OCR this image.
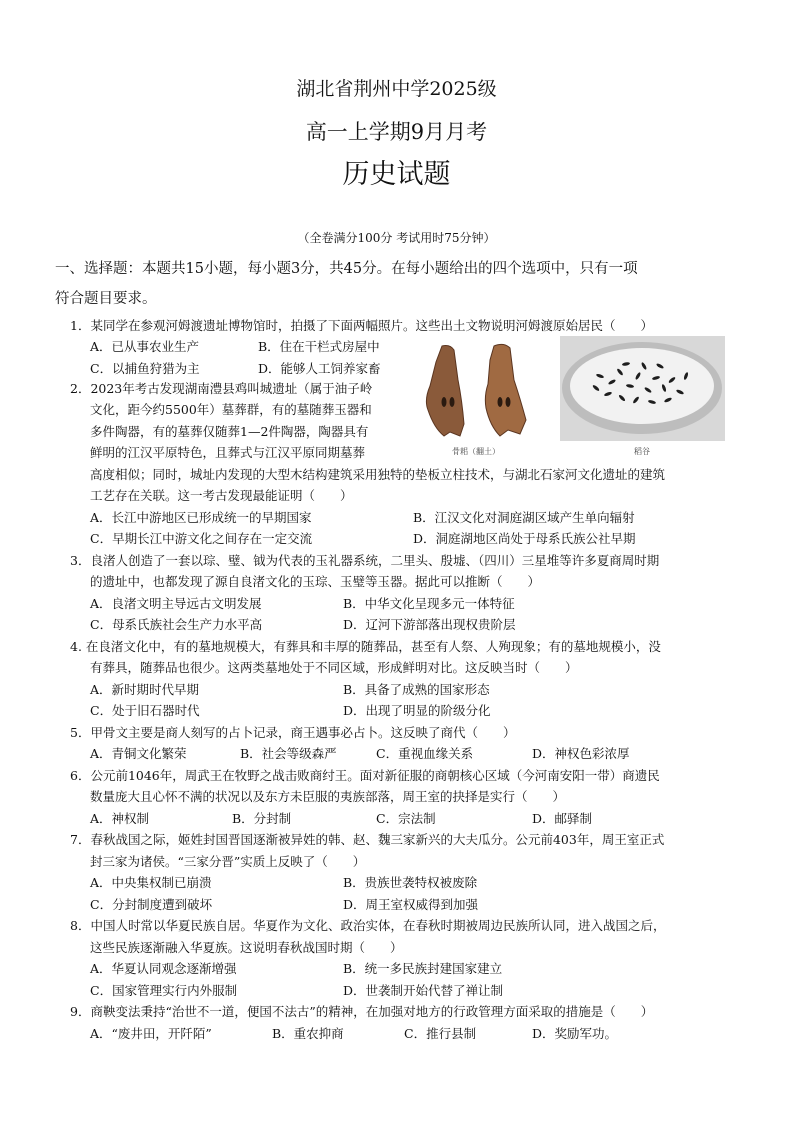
湖北省荆州中学2025级
高一上学期9月月考
历史试题
（全卷满分100分 考试用时75分钟）
一、选择题：本题共15小题，每小题3分，共45分。在每小题给出的四个选项中，只有一项
符合题目要求。
1．某同学在参观河姆渡遗址博物馆时，拍摄了下面两幅照片。这些出土文物说明河姆渡原始居民（　　）
A．已从事农业生产	B．住在干栏式房屋中
C．以捕鱼狩猎为主	D．能够人工饲养家畜
骨耜（翻土）	稻谷
2．2023年考古发现湖南澧县鸡叫城遗址（属于油子岭
文化，距今约5500年）墓葬群，有的墓随葬玉器和
多件陶器，有的墓葬仅随葬1—2件陶器，陶器具有
鲜明的江汉平原特色，且葬式与江汉平原同期墓葬
高度相似；同时，城址内发现的大型木结构建筑采用独特的垫板立柱技术，与湖北石家河文化遗址的建筑
工艺存在关联。这一考古发现最能证明（　　）
A．长江中游地区已形成统一的早期国家	B．江汉文化对洞庭湖区域产生单向辐射
C．早期长江中游文化之间存在一定交流	D．洞庭湖地区尚处于母系氏族公社早期
3．良渚人创造了一套以琮、璧、钺为代表的玉礼器系统，二里头、殷墟、（四川）三星堆等许多夏商周时期
的遗址中，也都发现了源自良渚文化的玉琮、玉璧等玉器。据此可以推断（　　）
A．良渚文明主导远古文明发展	B．中华文化呈现多元一体特征
C．母系氏族社会生产力水平高	D．辽河下游部落出现权贵阶层
4. 在良渚文化中，有的墓地规模大，有葬具和丰厚的随葬品，甚至有人祭、人殉现象；有的墓地规模小，没
有葬具，随葬品也很少。这两类墓地处于不同区域，形成鲜明对比。这反映当时（　　）
A．新时期时代早期	B．具备了成熟的国家形态
C．处于旧石器时代	D．出现了明显的阶级分化
5．甲骨文主要是商人刻写的占卜记录，商王遇事必占卜。这反映了商代（　　）
A．青铜文化繁荣	B．社会等级森严	C．重视血缘关系	D．神权色彩浓厚
6．公元前1046年，周武王在牧野之战击败商纣王。面对新征服的商朝核心区域（今河南安阳一带）商遗民
数量庞大且心怀不满的状况以及东方未臣服的夷族部落，周王室的抉择是实行（　　）
A．神权制	B．分封制	C．宗法制	D．邮驿制
7．春秋战国之际，姬姓封国晋国逐渐被异姓的韩、赵、魏三家新兴的大夫瓜分。公元前403年，周王室正式
封三家为诸侯。“三家分晋”实质上反映了（　　）
A．中央集权制已崩溃	B．贵族世袭特权被废除
C．分封制度遭到破坏	D．周王室权威得到加强
8．中国人时常以华夏民族自居。华夏作为文化、政治实体，在春秋时期被周边民族所认同，进入战国之后，
这些民族逐渐融入华夏族。这说明春秋战国时期（　　）
A．华夏认同观念逐渐增强	B．统一多民族封建国家建立
C．国家管理实行内外服制	D．世袭制开始代替了禅让制
9．商鞅变法秉持“治世不一道，便国不法古”的精神，在加强对地方的行政管理方面采取的措施是（　　）
A．“废井田，开阡陌”	B．重农抑商	C．推行县制	D．奖励军功。
